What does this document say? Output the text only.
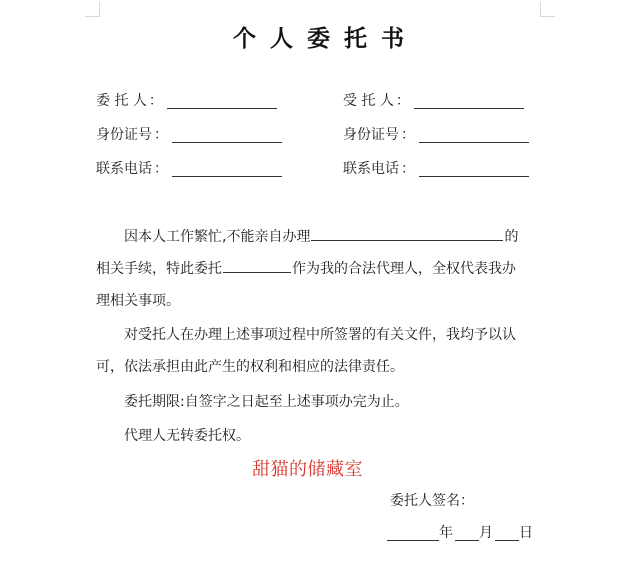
个人委托书
委 托 人 ：	受 托 人 ：
身份证号 ：	身份证号 ：
联系电话 ：	联系电话 ：
因本人工作繁忙,不能亲自办理	的
相关手续，特此委托	作为我的合法代理人，全权代表我办
理相关事项。
对受托人在办理上述事项过程中所签署的有关文件，我均予以认
可，依法承担由此产生的权利和相应的法律责任。
委托期限:自签字之日起至上述事项办完为止。
代理人无转委托权。
甜猫的储藏室
委托人签名：
年 月 日
